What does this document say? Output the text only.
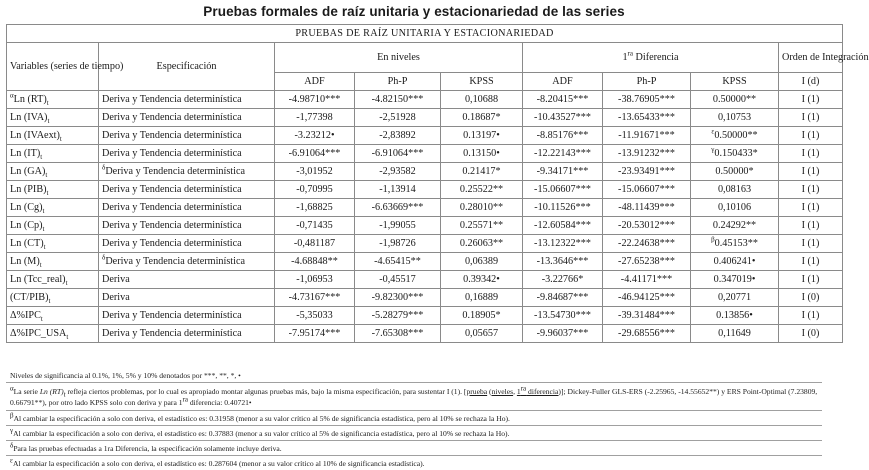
Pruebas formales de raíz unitaria y estacionariedad de las series
PRUEBAS DE RAÍZ UNITARIA Y ESTACIONARIEDAD								
Variables (series de tiempo)	Especificación	En niveles			$1^{ra}$ Diferencia			Orden de Integración
		ADF	Ph-P	KPSS	ADF	Ph-P	KPSS	I (d)
$^\alpha$Ln $(RT)_t$	Deriva y Tendencia determinística	-4.98710***	-4.82150***	0,10688	-8.20415***	-38.76905***	0.50000**	I (1)
Ln $(IVA)_t$	Deriva y Tendencia determinística	-1,77398	-2,51928	0.18687*	-10.43527***	-13.65433***	0,10753	I (1)
Ln $(IVAext)_t$	Deriva y Tendencia determinística	-3.23212•	-2,83892	0.13197•	-8.85176***	-11.91671***	$^\varepsilon$0.50000**	I (1)
Ln $(IT)_t$	Deriva y Tendencia determinística	-6.91064***	-6.91064***	0.13150•	-12.22143***	-13.91232***	$^\gamma$0.150433*	I (1)
Ln $(GA)_t$	$^\delta$Deriva y Tendencia determinística	-3,01952	-2,93582	0.21417*	-9.34171***	-23.93491***	0.50000*	I (1)
Ln $(PIB)_t$	Deriva y Tendencia determinística	-0,70995	-1,13914	0.25522**	-15.06607***	-15.06607***	0,08163	I (1)
Ln $(Cg)_t$	Deriva y Tendencia determinística	-1,68825	-6.63669***	0.28010**	-10.11526***	-48.11439***	0,10106	I (1)
Ln $(Cp)_t$	Deriva y Tendencia determinística	-0,71435	-1,99055	0.25571**	-12.60584***	-20.53012***	0.24292**	I (1)
Ln $(CT)_t$	Deriva y Tendencia determinística	-0,481187	-1,98726	0.26063**	-13.12322***	-22.24638***	$^\beta$0.45153**	I (1)
Ln $(M)_t$	$^\delta$Deriva y Tendencia determinística	-4.68848**	-4.65415**	0,06389	-13.3646***	-27.65238***	0.406241•	I (1)
Ln $(Tcc\_real)_t$	Deriva	-1,06953	-0,45517	0.39342•	-3.22766*	-4.41171***	0.347019•	I (1)
$(CT/PIB)_t$	Deriva	-4.73167***	-9.82300***	0,16889	-9.84687***	-46.94125***	0,20771	I (0)
$\Delta\%IPC_t$	Deriva y Tendencia determinística	-5,35033	-5.28279***	0.18905*	-13.54730***	-39.31484***	0.13856•	I (1)
$\Delta\%IPC\_USA_t$	Deriva y Tendencia determinística	-7.95174***	-7.65308***	0,05657	-9.96037***	-29.68556***	0,11649	I (0)
Niveles de significancia al 0.1%, 1%, 5% y 10% denotados por ***, **, *, •
αLa serie Ln $(RT)_t$ refleja ciertos problemas, por lo cual es apropiado montar algunas pruebas más, bajo la misma especificación, para sustentar I (1). [prueba (niveles, $1^{ra}$ diferencia)]; Dickey-Fuller GLS-ERS (-2.25965, -14.55652**) y ERS Point-Optimal (7.23809, 0.66791**), por otro lado KPSS solo con deriva y para $1^{ra}$ diferencia: 0.40721•
βAl cambiar la especificación a solo con deriva, el estadístico es: 0.31958 (menor a su valor crítico al 5% de significancia estadística, pero al 10% se rechaza la Ho).
γAl cambiar la especificación a solo con deriva, el estadístico es: 0.37883 (menor a su valor crítico al 5% de significancia estadística, pero al 10% se rechaza la Ho).
δPara las pruebas efectuadas a 1ra Diferencia, la especificación solamente incluye deriva.
εAl cambiar la especificación a solo con deriva, el estadístico es: 0.287604 (menor a su valor crítico al 10% de significancia estadística).
